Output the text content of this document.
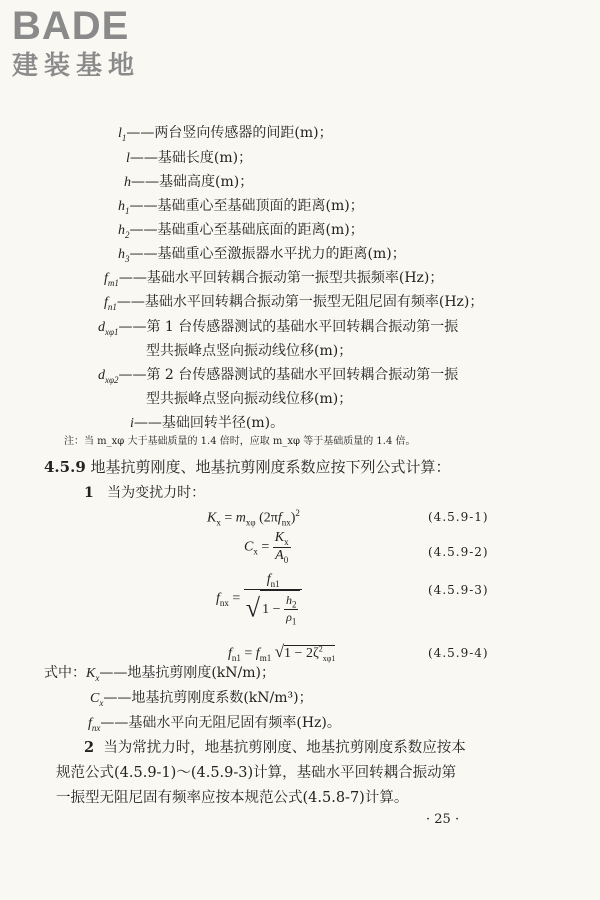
BADE
建装基地
$l_1——$两台竖向传感器的间距(m)；
l——基础长度(m)；
h——基础高度(m)；
$h_1——$基础重心至基础顶面的距离(m)；
$h_2——$基础重心至基础底面的距离(m)；
$h_3——$基础重心至激振器水平扰力的距离(m)；
$f_{m1}——$基础水平回转耦合振动第一振型共振频率(Hz)；
$f_{n1}——$基础水平回转耦合振动第一振型无阻尼固有频率(Hz)；
$d_{x\varphi 1}——$第 1 台传感器测试的基础水平回转耦合振动第一振
型共振峰点竖向振动线位移(m)；
$d_{x\varphi 2}——$第 2 台传感器测试的基础水平回转耦合振动第一振
型共振峰点竖向振动线位移(m)；
i——基础回转半径(m)。
注：当 m_xφ 大于基础质量的 1.4 倍时，应取 m_xφ 等于基础质量的 1.4 倍。
4.5.9 地基抗剪刚度、地基抗剪刚度系数应按下列公式计算：
1 当为变扰力时：
$K_x = m_{x\varphi}$ $(2\pi f_{nx})^2$	(4.5.9-1)
$C_x = \frac{K_x}{A_0}$	(4.5.9-2)
$f_{nx} = \frac{f_{n1}}{√ 1 - \frac{h_2}{\rho_1}}$	(4.5.9-3)
$f_{n1} = f_{m1}$ $√1 - 2\zeta^2_{x\varphi 1}$	(4.5.9-4)
式中：$K_x——$地基抗剪刚度(kN/m)；
$C_x——$地基抗剪刚度系数(kN/m³)；
$f_{nx}——$基础水平向无阻尼固有频率(Hz)。
2 当为常扰力时，地基抗剪刚度、地基抗剪刚度系数应按本
规范公式(4.5.9-1)～(4.5.9-3)计算，基础水平回转耦合振动第
一振型无阻尼固有频率应按本规范公式(4.5.8-7)计算。
· 25 ·
